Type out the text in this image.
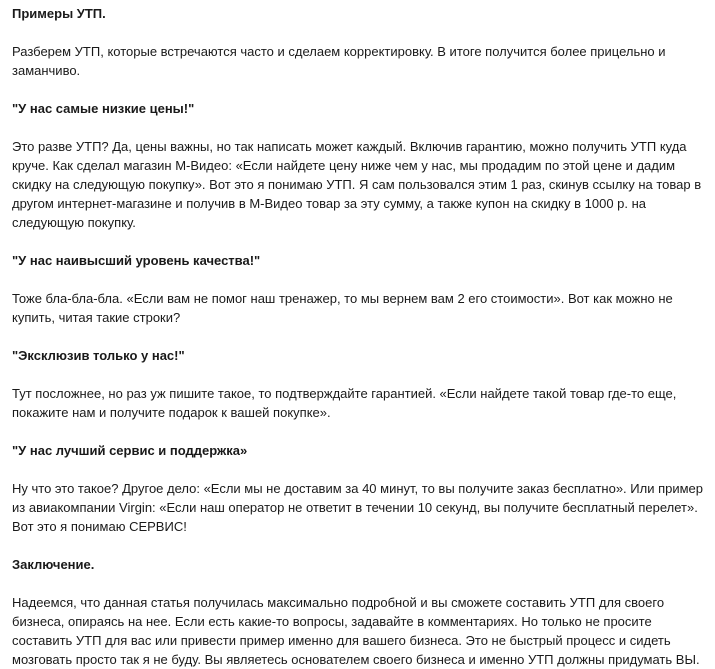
Примеры УТП.

Разберем УТП, которые встречаются часто и сделаем корректировку. В итоге получится более прицельно и заманчиво.

"У нас самые низкие цены!"

Это разве УТП? Да, цены важны, но так написать может каждый. Включив гарантию, можно получить УТП куда круче. Как сделал магазин М-Видео: «Если найдете цену ниже чем у нас, мы продадим по этой цене и дадим скидку на следующую покупку». Вот это я понимаю УТП. Я сам пользовался этим 1 раз, скинув ссылку на товар в другом интернет-магазине и получив в М-Видео товар за эту сумму, а также купон на скидку в 1000 р. на следующую покупку.

"У нас наивысший уровень качества!"

Тоже бла-бла-бла. «Если вам не помог наш тренажер, то мы вернем вам 2 его стоимости». Вот как можно не купить, читая такие строки?

"Эксклюзив только у нас!"

Тут посложнее, но раз уж пишите такое, то подтверждайте гарантией. «Если найдете такой товар где-то еще, покажите нам и получите подарок к вашей покупке».

"У нас лучший сервис и поддержка»

Ну что это такое? Другое дело: «Если мы не доставим за 40 минут, то вы получите заказ бесплатно». Или пример из авиакомпании Virgin: «Если наш оператор не ответит в течении 10 секунд, вы получите бесплатный перелет». Вот это я понимаю СЕРВИС!

Заключение.

Надеемся, что данная статья получилась максимально подробной и вы сможете составить УТП для своего бизнеса, опираясь на нее. Если есть какие-то вопросы, задавайте в комментариях. Но только не просите составить УТП для вас или привести пример именно для вашего бизнеса. Это не быстрый процесс и сидеть мозговать просто так я не буду. Вы являетесь основателем своего бизнеса и именно УТП должны придумать ВЫ.
